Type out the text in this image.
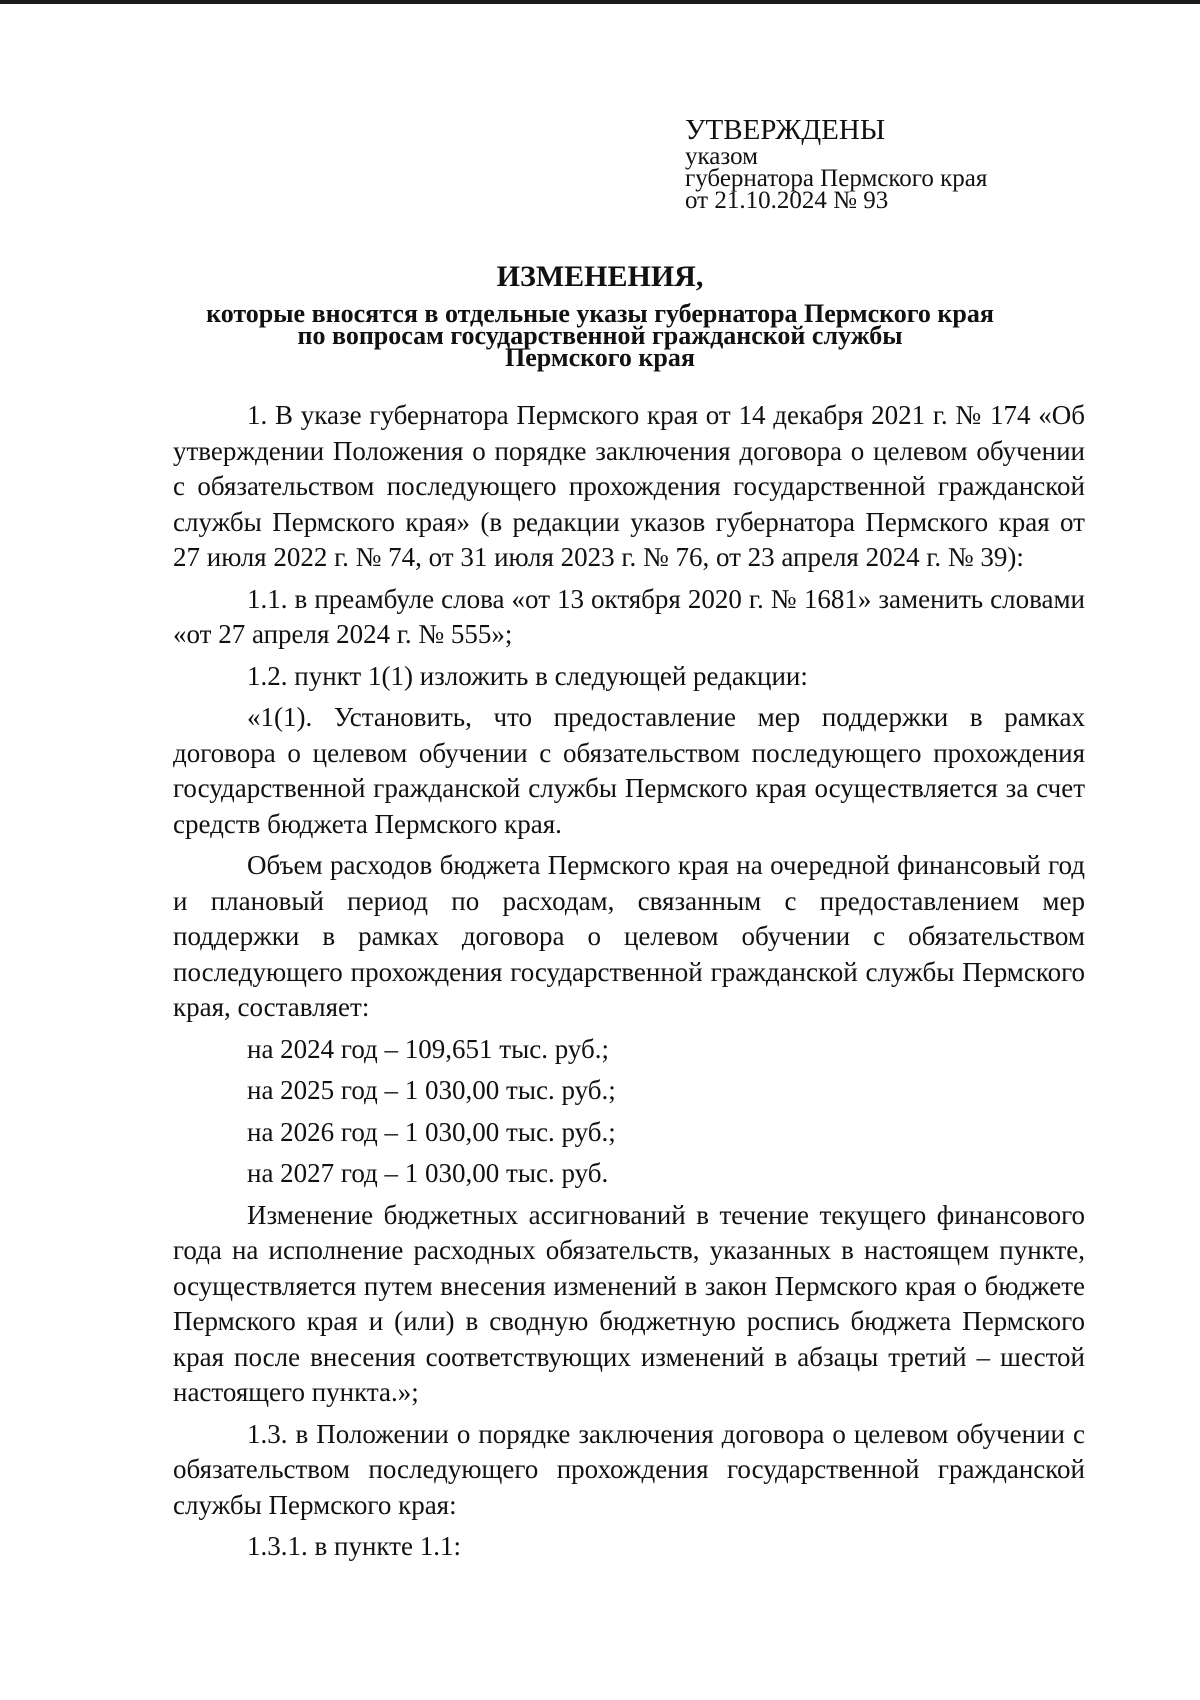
УТВЕРЖДЕНЫ
указом
губернатора Пермского края
от 21.10.2024 № 93
ИЗМЕНЕНИЯ,
которые вносятся в отдельные указы губернатора Пермского края
по вопросам государственной гражданской службы
Пермского края

1. В указе губернатора Пермского края от 14 декабря 2021 г. № 174 «Об утверждении Положения о порядке заключения договора о целевом обучении с обязательством последующего прохождения государственной гражданской службы Пермского края» (в редакции указов губернатора Пермского края от 27 июля 2022 г. № 74, от 31 июля 2023 г. № 76, от 23 апреля 2024 г. № 39):

1.1. в преамбуле слова «от 13 октября 2020 г. № 1681» заменить словами «от 27 апреля 2024 г. № 555»;

1.2. пункт 1(1) изложить в следующей редакции:

«1(1). Установить, что предоставление мер поддержки в рамках договора о целевом обучении с обязательством последующего прохождения государственной гражданской службы Пермского края осуществляется за счет средств бюджета Пермского края.

Объем расходов бюджета Пермского края на очередной финансовый год и плановый период по расходам, связанным с предоставлением мер поддержки в рамках договора о целевом обучении с обязательством последующего прохождения государственной гражданской службы Пермского края, составляет:

на 2024 год – 109,651 тыс. руб.;

на 2025 год – 1 030,00 тыс. руб.;

на 2026 год – 1 030,00 тыс. руб.;

на 2027 год – 1 030,00 тыс. руб.

Изменение бюджетных ассигнований в течение текущего финансового года на исполнение расходных обязательств, указанных в настоящем пункте, осуществляется путем внесения изменений в закон Пермского края о бюджете Пермского края и (или) в сводную бюджетную роспись бюджета Пермского края после внесения соответствующих изменений в абзацы третий – шестой настоящего пункта.»;

1.3. в Положении о порядке заключения договора о целевом обучении с обязательством последующего прохождения государственной гражданской службы Пермского края:

1.3.1. в пункте 1.1:
